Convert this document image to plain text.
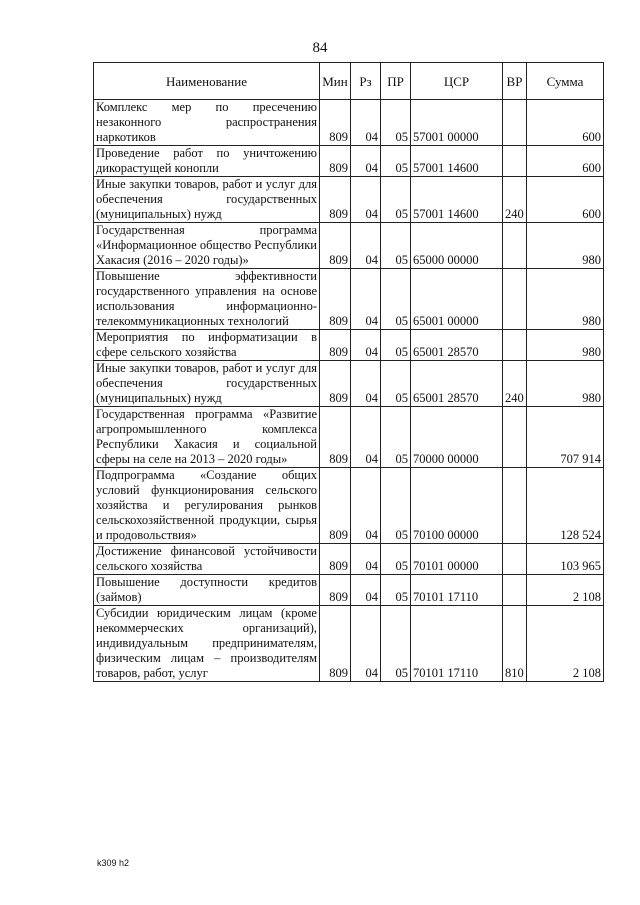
84
Наименование	Мин	Рз	ПР	ЦСР	ВР	Сумма
Комплекс мер по пресечению незаконного распространения наркотиков	809	04	05	57001 00000		600
Проведение работ по уничтожению дикорастущей конопли	809	04	05	57001 14600		600
Иные закупки товаров, работ и услуг для обеспечения государственных (муниципальных) нужд	809	04	05	57001 14600	240	600
Государственная программа «Информационное общество Республики Хакасия (2016 – 2020 годы)»	809	04	05	65000 00000		980
Повышение эффективности государственного управления на основе использования информационно-телекоммуникационных технологий	809	04	05	65001 00000		980
Мероприятия по информатизации в сфере сельского хозяйства	809	04	05	65001 28570		980
Иные закупки товаров, работ и услуг для обеспечения государственных (муниципальных) нужд	809	04	05	65001 28570	240	980
Государственная программа «Развитие агропромышленного комплекса Республики Хакасия и социальной сферы на селе на 2013 – 2020 годы»	809	04	05	70000 00000		707 914
Подпрограмма «Создание общих условий функционирования сельского хозяйства и регулирования рынков сельскохозяйственной продукции, сырья и продовольствия»	809	04	05	70100 00000		128 524
Достижение финансовой устойчивости сельского хозяйства	809	04	05	70101 00000		103 965
Повышение доступности кредитов (займов)	809	04	05	70101 17110		2 108
Субсидии юридическим лицам (кроме некоммерческих организаций), индивидуальным предпринимателям, физическим лицам – производителям товаров, работ, услуг	809	04	05	70101 17110	810	2 108
k309 h2
